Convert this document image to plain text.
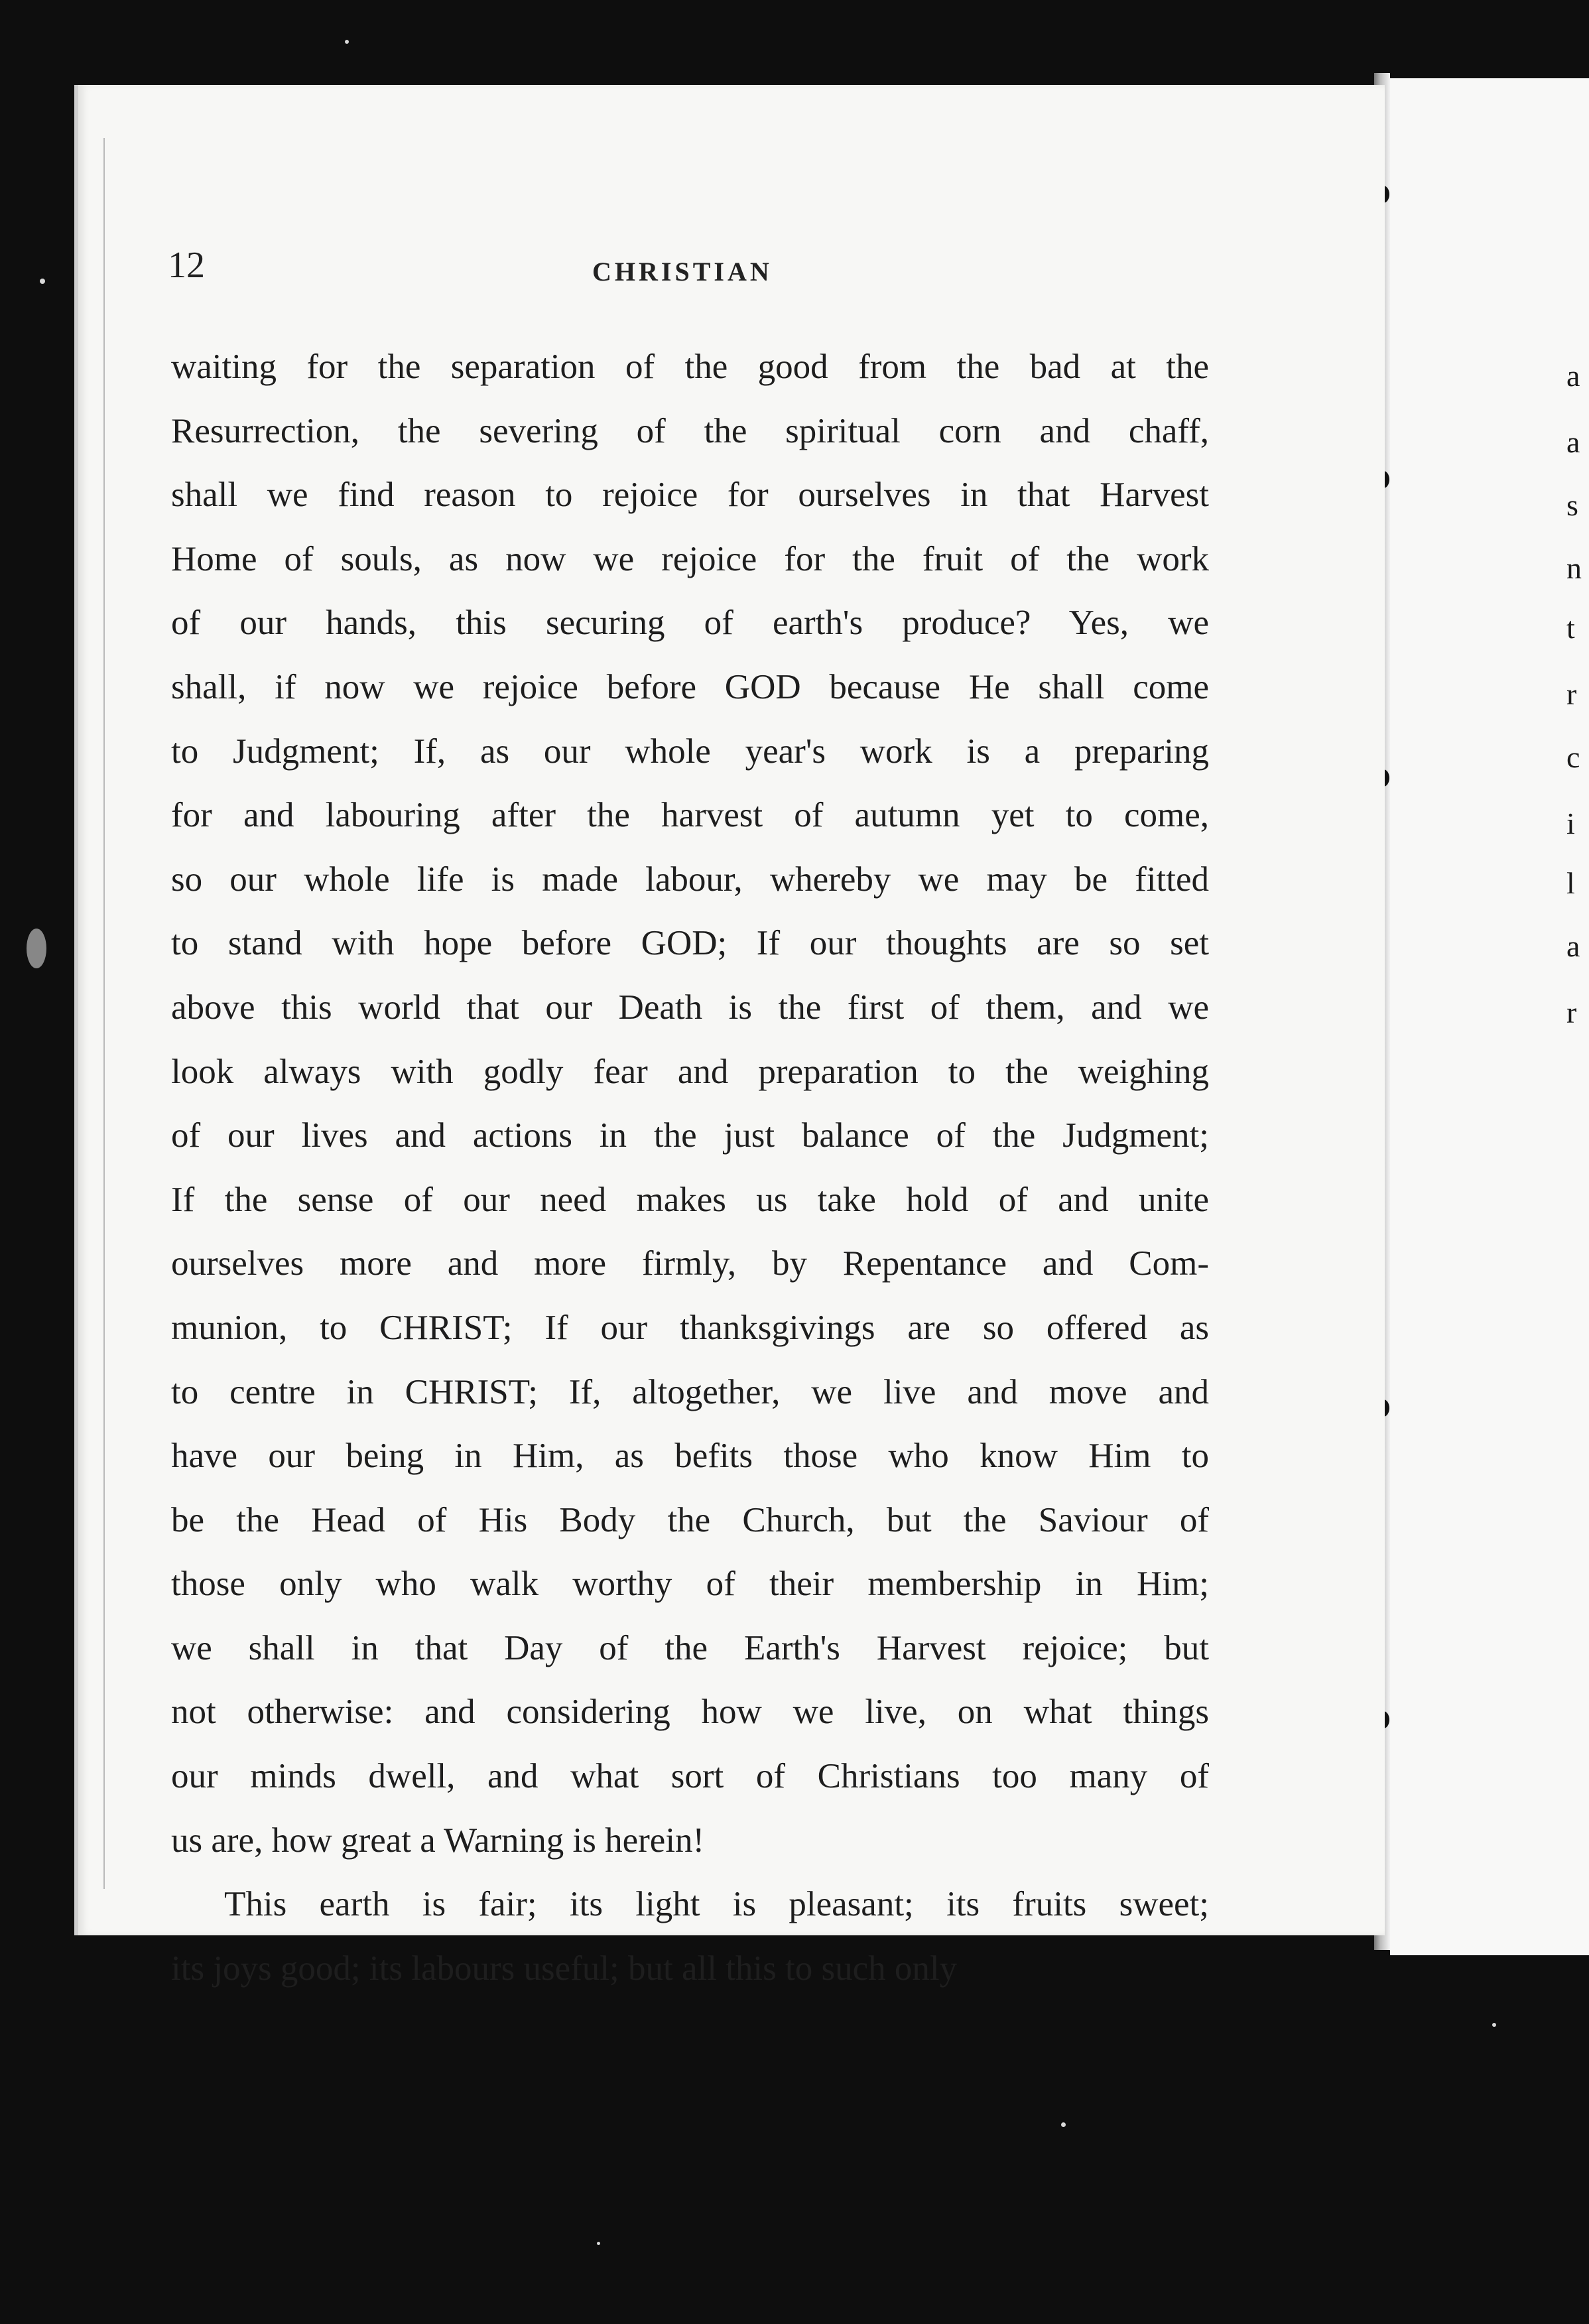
a
a
s
n
t
r
c
i
l
a
r
12	CHRISTIAN
waiting for the separation of the good from the bad at the
Resurrection, the severing of the spiritual corn and chaff,
shall we find reason to rejoice for ourselves in that Harvest
Home of souls, as now we rejoice for the fruit of the work
of our hands, this securing of earth's produce? Yes, we
shall, if now we rejoice before GOD because He shall come
to Judgment; If, as our whole year's work is a preparing
for and labouring after the harvest of autumn yet to come,
so our whole life is made labour, whereby we may be fitted
to stand with hope before GOD; If our thoughts are so set
above this world that our Death is the first of them, and we
look always with godly fear and preparation to the weighing
of our lives and actions in the just balance of the Judgment;
If the sense of our need makes us take hold of and unite
ourselves more and more firmly, by Repentance and Com-
munion, to CHRIST; If our thanksgivings are so offered as
to centre in CHRIST; If, altogether, we live and move and
have our being in Him, as befits those who know Him to
be the Head of His Body the Church, but the Saviour of
those only who walk worthy of their membership in Him;
we shall in that Day of the Earth's Harvest rejoice; but
not otherwise: and considering how we live, on what things
our minds dwell, and what sort of Christians too many of
us are, how great a Warning is herein!
This earth is fair; its light is pleasant; its fruits sweet;
its joys good; its labours useful; but all this to such only
